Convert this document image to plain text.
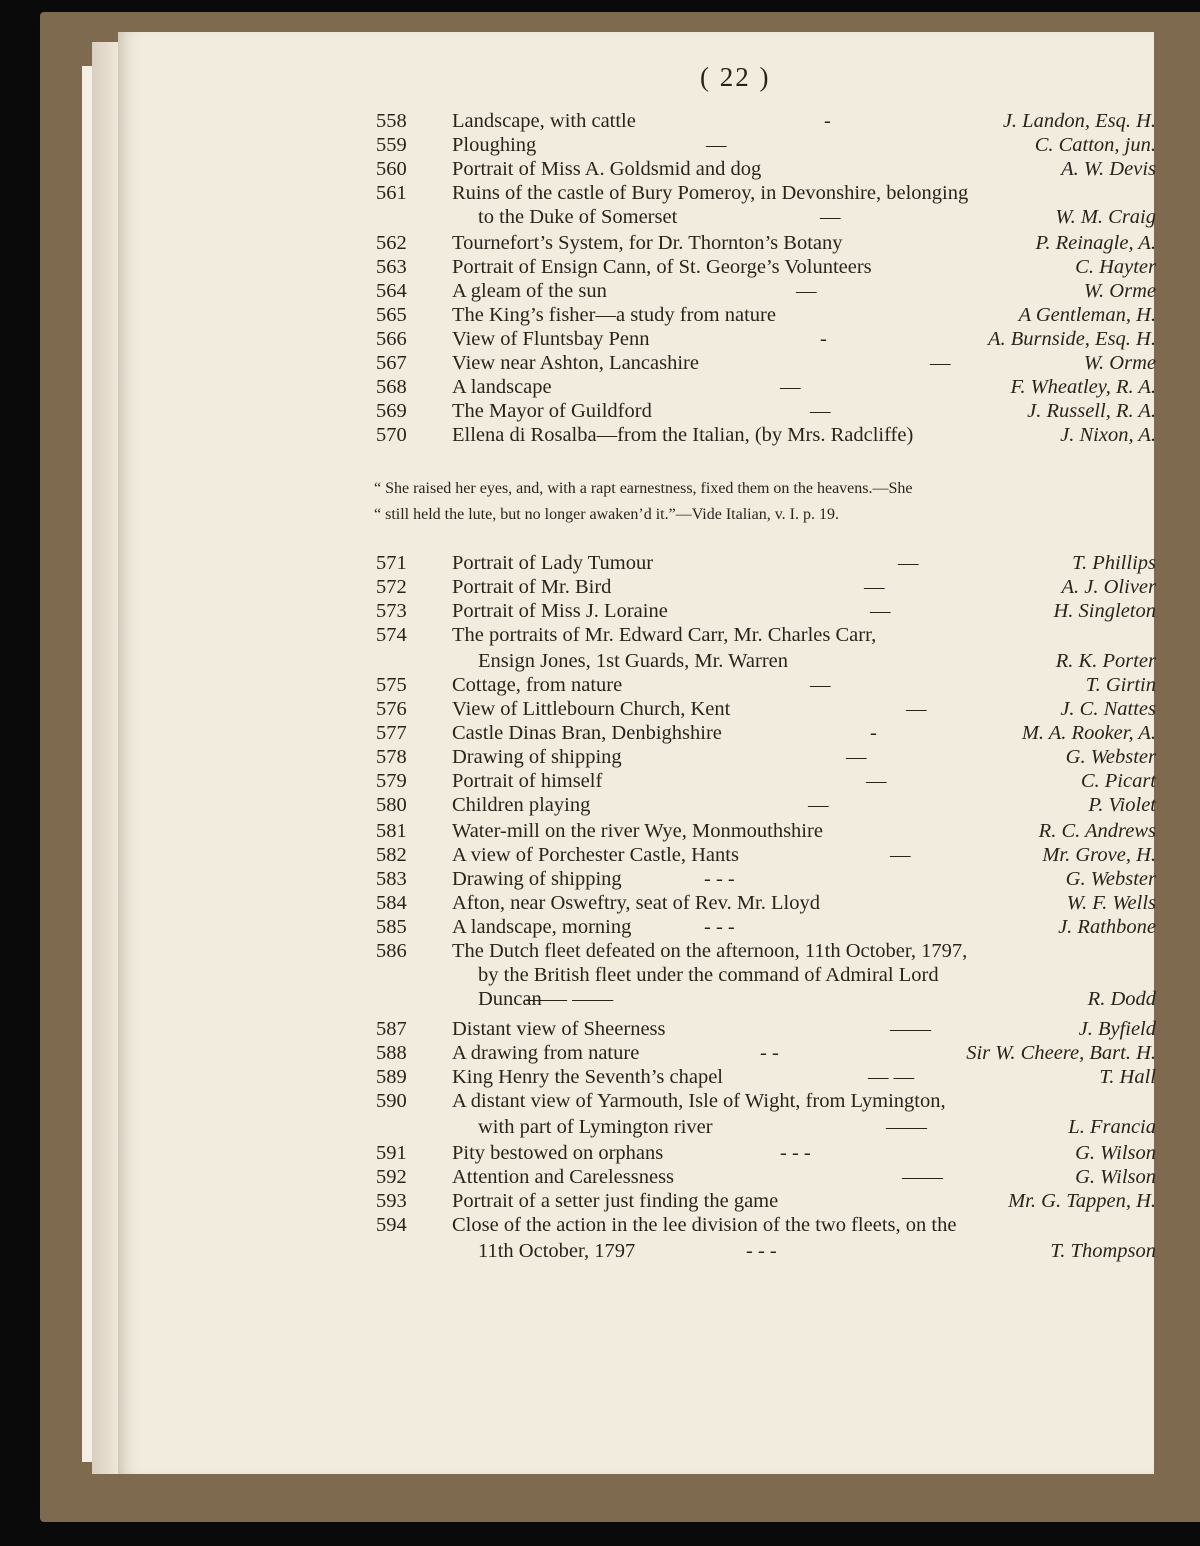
( 22 )
558	Landscape, with cattle	-	J. Landon, Esq. H.
559	Ploughing	—	C. Catton, jun.
560	Portrait of Miss A. Goldsmid and dog	A. W. Devis
561	Ruins of the castle of Bury Pomeroy, in Devonshire, belonging
to the Duke of Somerset	—	W. M. Craig
562	Tournefort’s System, for Dr. Thornton’s Botany	P. Reinagle, A.
563	Portrait of Ensign Cann, of St. George’s Volunteers	C. Hayter
564	A gleam of the sun	—	W. Orme
565	The King’s fisher—a study from nature	A Gentleman, H.
566	View of Fluntsbay Penn	-	A. Burnside, Esq. H.
567	View near Ashton, Lancashire	—	W. Orme
568	A landscape	—	F. Wheatley, R. A.
569	The Mayor of Guildford	—	J. Russell, R. A.
570	Ellena di Rosalba—from the Italian, (by Mrs. Radcliffe)	J. Nixon, A.
571	Portrait of Lady Tumour	—	T. Phillips
572	Portrait of Mr. Bird	—	A. J. Oliver
573	Portrait of Miss J. Loraine	—	H. Singleton
574	The portraits of Mr. Edward Carr, Mr. Charles Carr,
Ensign Jones, 1st Guards, Mr. Warren	R. K. Porter
575	Cottage, from nature	—	T. Girtin
576	View of Littlebourn Church, Kent	—	J. C. Nattes
577	Castle Dinas Bran, Denbighshire	-	M. A. Rooker, A.
578	Drawing of shipping	—	G. Webster
579	Portrait of himself	—	C. Picart
580	Children playing	—	P. Violet
581	Water-mill on the river Wye, Monmouthshire	R. C. Andrews
582	A view of Porchester Castle, Hants	—	Mr. Grove, H.
583	Drawing of shipping	- - -	G. Webster
584	Afton, near Osweftry, seat of Rev. Mr. Lloyd	W. F. Wells
585	A landscape, morning	- - -	J. Rathbone
586	The Dutch fleet defeated on the afternoon, 11th October, 1797,
by the British fleet under the command of Admiral Lord
Duncan
—— ——	R. Dodd
587	Distant view of Sheerness	——	J. Byfield
588	A drawing from nature	- -	Sir W. Cheere, Bart. H.
589	King Henry the Seventh’s chapel	— —	T. Hall
590	A distant view of Yarmouth, Isle of Wight, from Lymington,
with part of Lymington river	——	L. Francia
591	Pity bestowed on orphans	- - -	G. Wilson
592	Attention and Carelessness	——	G. Wilson
593	Portrait of a setter just finding the game	Mr. G. Tappen, H.
594	Close of the action in the lee division of the two fleets, on the
11th October, 1797	- - -	T. Thompson
“ She raised her eyes, and, with a rapt earnestness, fixed them on the heavens.—She
“ still held the lute, but no longer awaken’d it.”—Vide Italian, v. I. p. 19.
